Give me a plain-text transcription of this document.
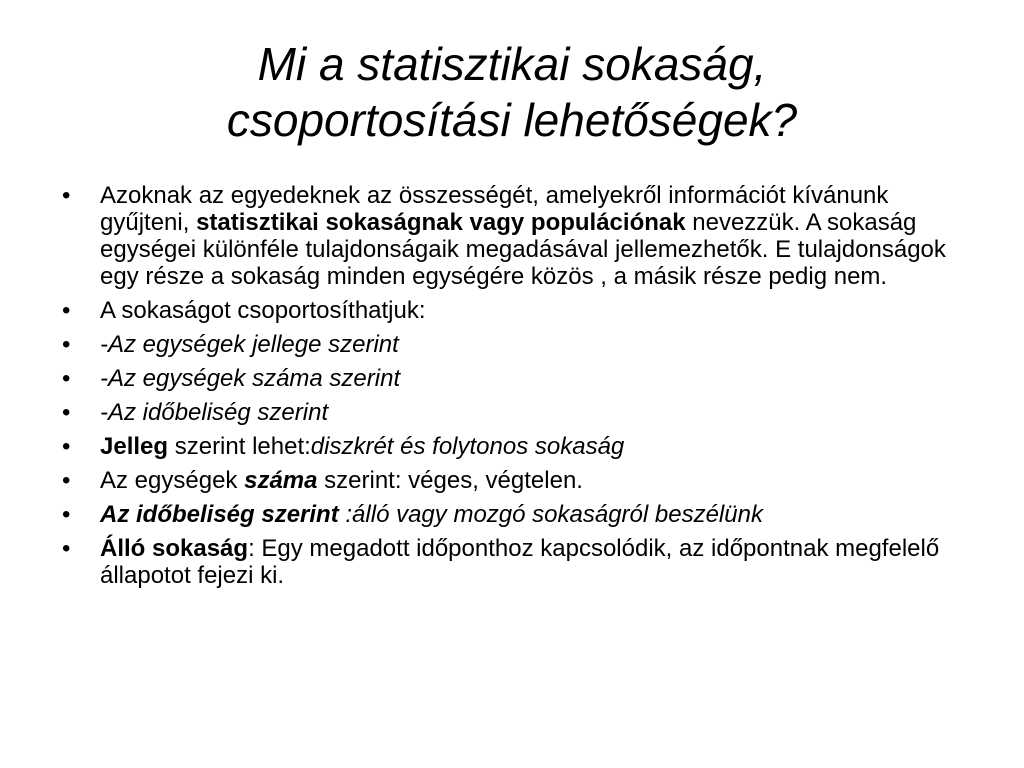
Mi a statisztikai sokaság,
csoportosítási lehetőségek?
• Azoknak az egyedeknek az összességét, amelyekről információt kívánunk gyűjteni, statisztikai sokaságnak vagy populációnak nevezzük. A sokaság egységei különféle tulajdonságaik megadásával jellemezhetők. E tulajdonságok egy része a sokaság minden egységére közös , a másik része pedig nem.
• A sokaságot csoportosíthatjuk:
• -Az egységek jellege szerint
• -Az egységek száma szerint
• -Az időbeliség szerint
• Jelleg szerint lehet:diszkrét és folytonos sokaság
• Az egységek száma szerint: véges, végtelen.
• Az időbeliség szerint :álló vagy mozgó sokaságról beszélünk
• Álló sokaság: Egy megadott időponthoz kapcsolódik, az időpontnak megfelelő állapotot fejezi ki.
